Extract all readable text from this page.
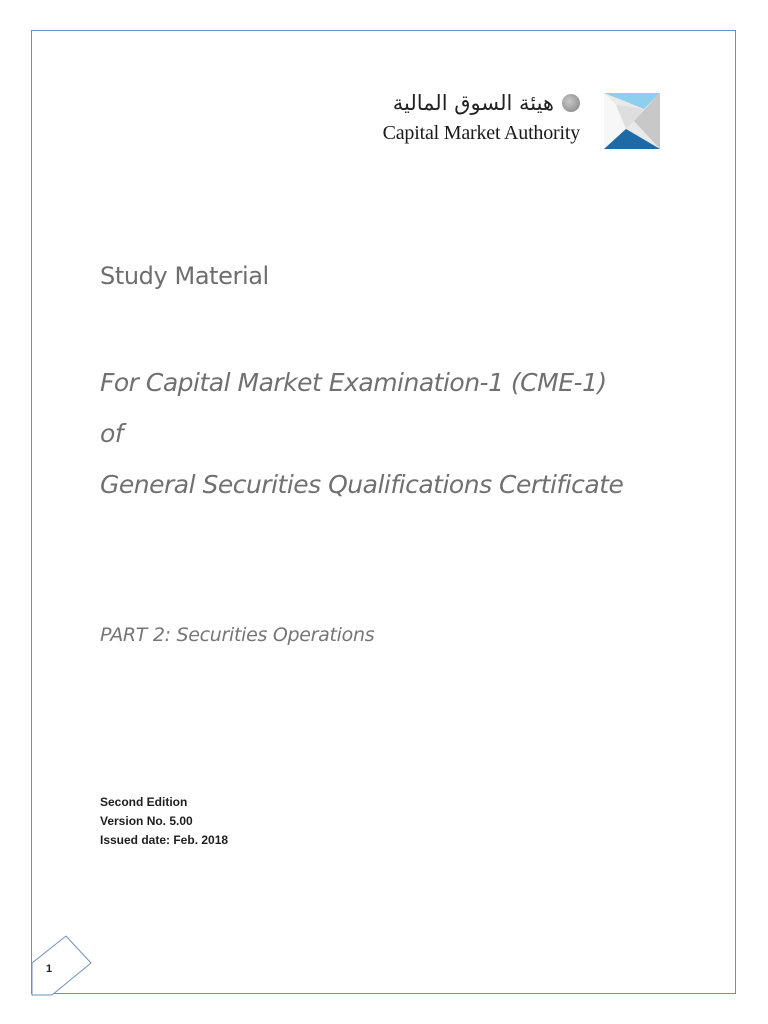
هيئة السوق المالية
Capital Market Authority
Study Material
For Capital Market Examination-1 (CME-1)
of
General Securities Qualifications Certificate
PART 2: Securities Operations
Second Edition
Version No. 5.00
Issued date: Feb. 2018
1
